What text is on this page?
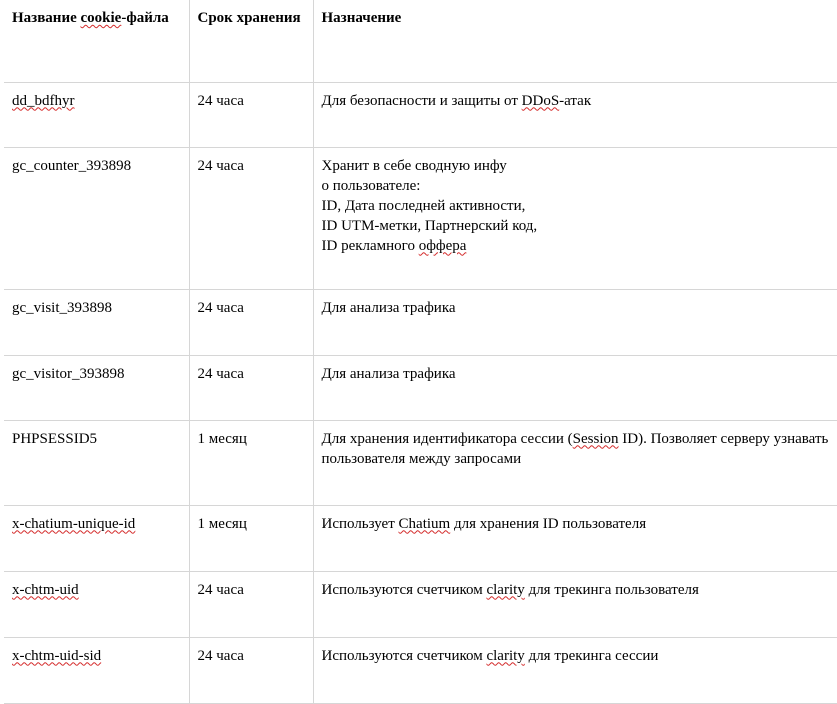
Название cookie-файла	Срок хранения	Назначение
dd_bdfhyr	24 часа	Для безопасности и защиты от DDoS-атак
gc_counter_393898	24 часа	Хранит в себе сводную инфу
о пользователе:
ID, Дата последней активности,
ID UTM-метки, Партнерский код,
ID рекламного оффера
gc_visit_393898	24 часа	Для анализа трафика
gc_visitor_393898	24 часа	Для анализа трафика
PHPSESSID5	1 месяц	Для хранения идентификатора сессии (Session ID). Позволяет серверу узнавать пользователя между запросами
x-chatium-unique-id	1 месяц	Использует Chatium для хранения ID пользователя
x-chtm-uid	24 часа	Используются счетчиком clarity для трекинга пользователя
x-chtm-uid-sid	24 часа	Используются счетчиком clarity для трекинга сессии
